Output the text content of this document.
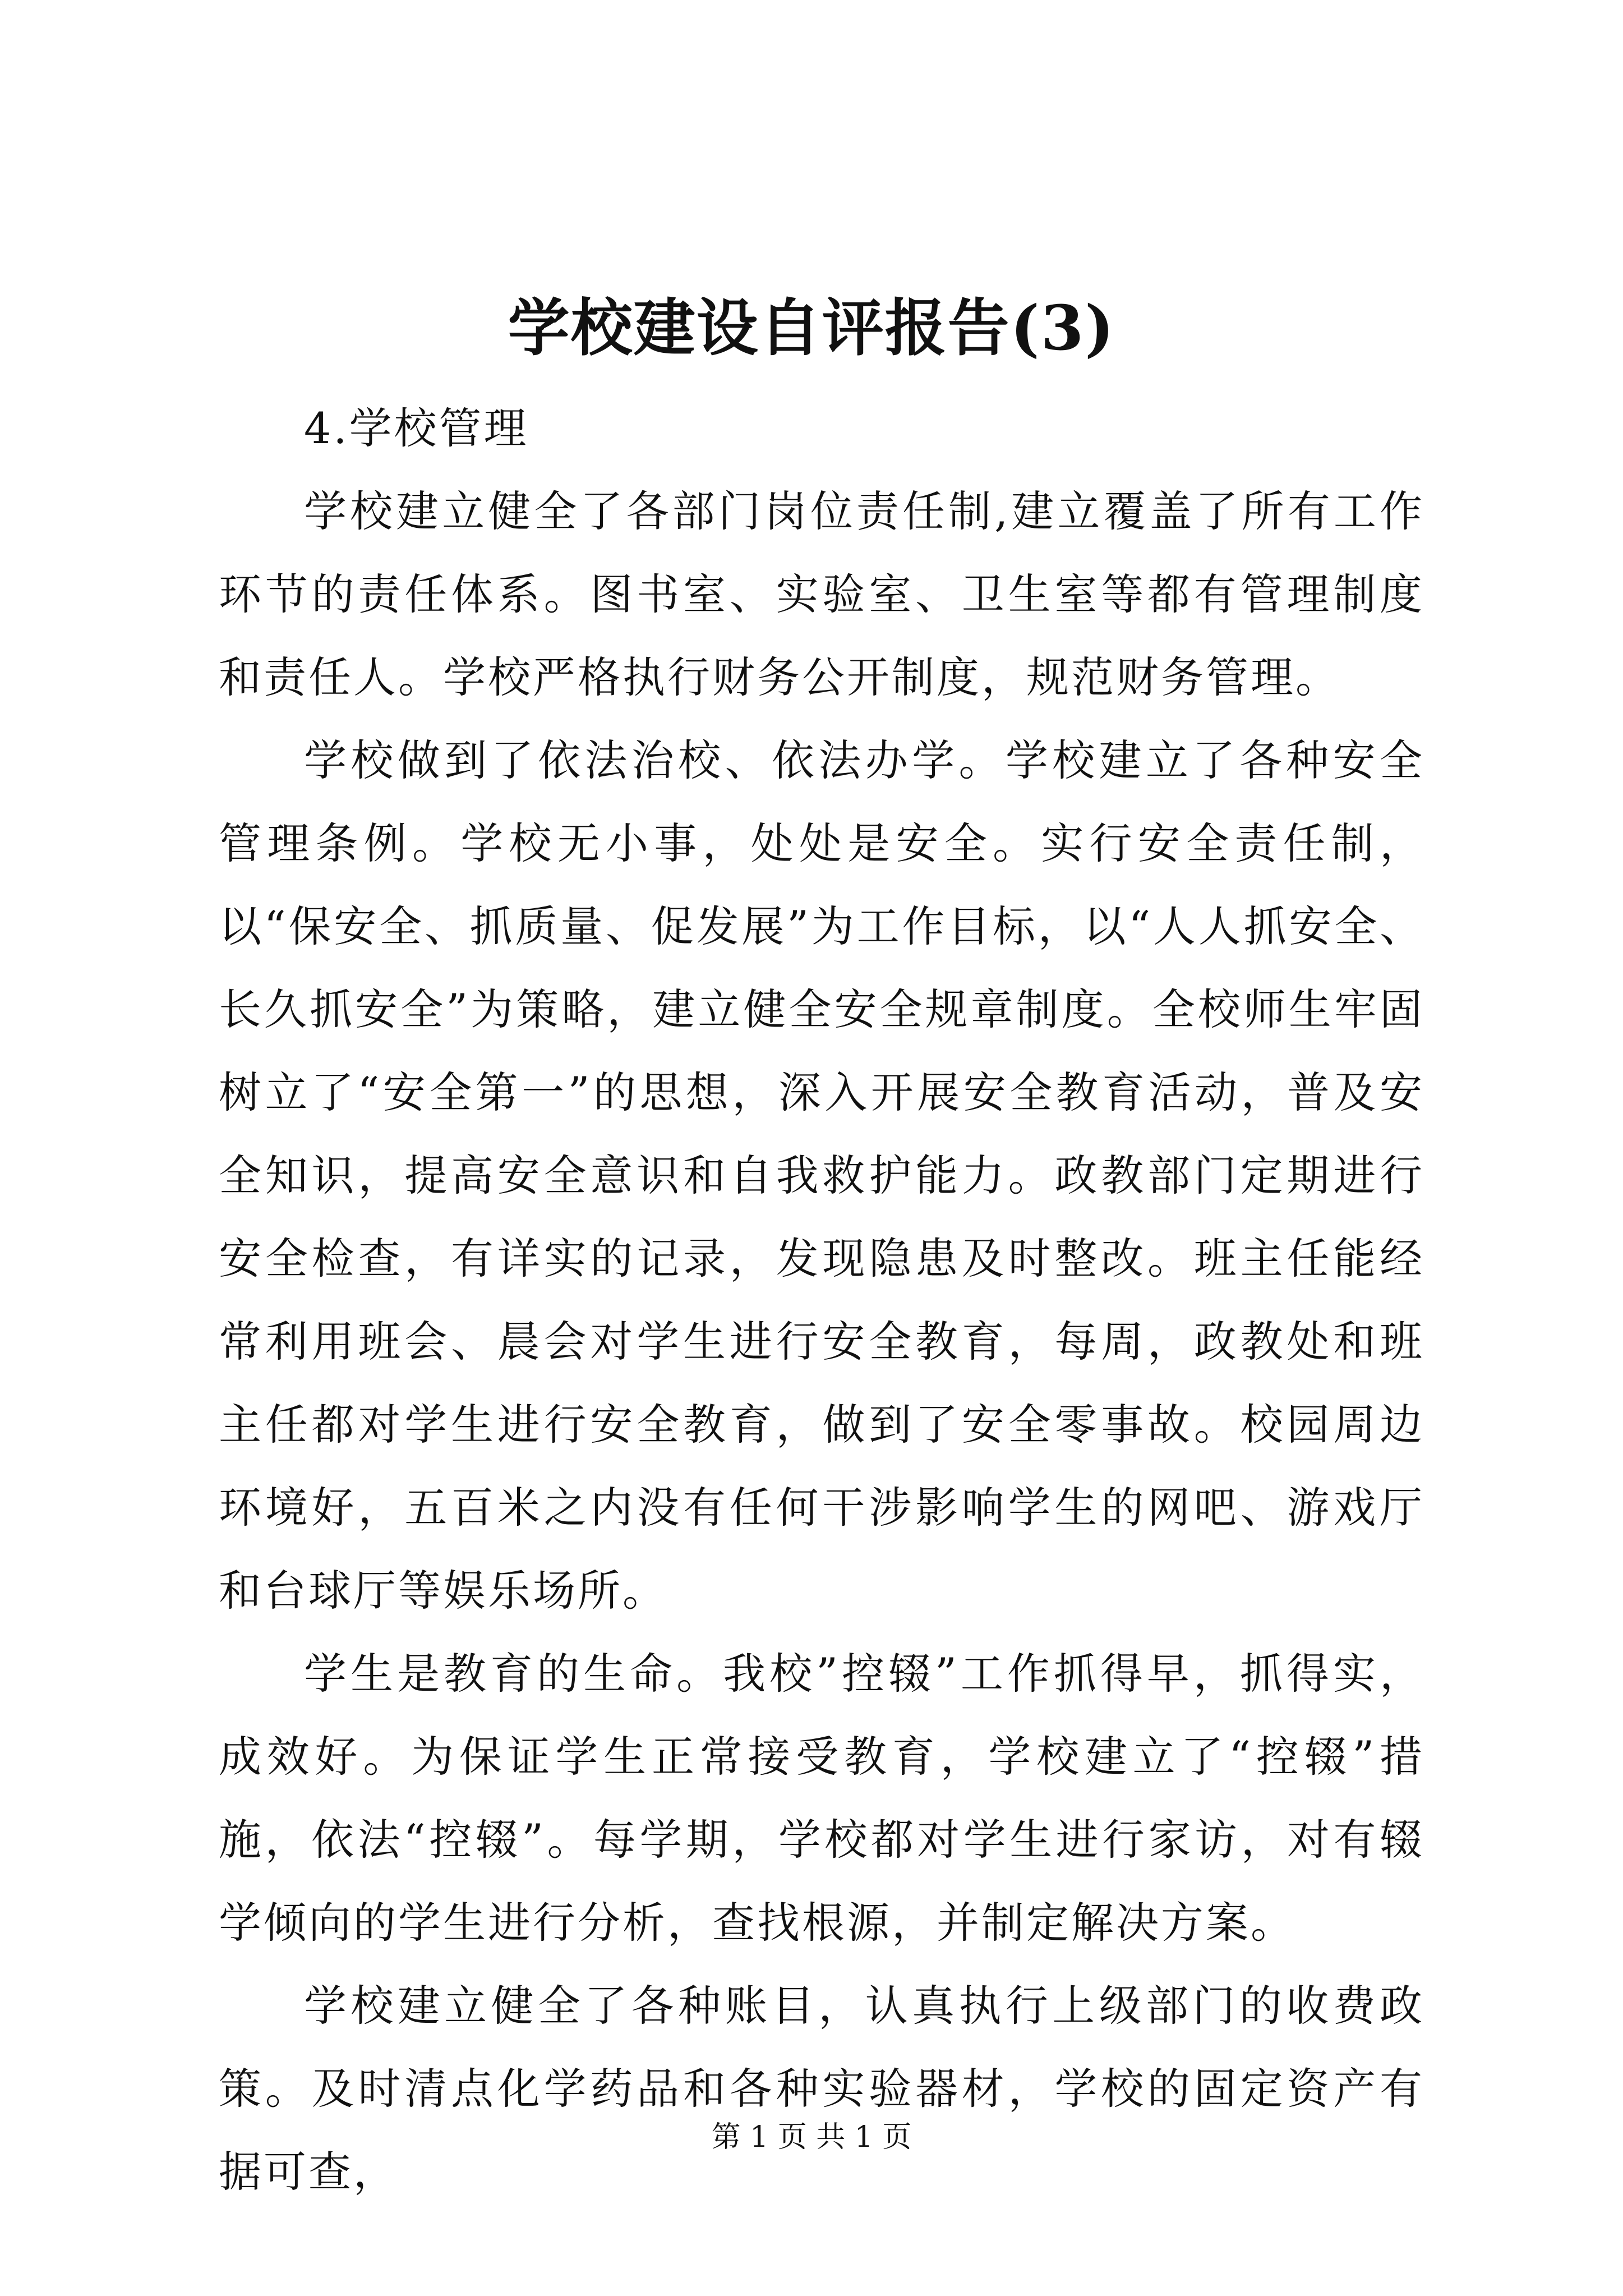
学校建设自评报告(3)

4.学校管理

学校建立健全了各部门岗位责任制,建立覆盖了所有工作环节的责任体系。图书室、实验室、卫生室等都有管理制度和责任人。学校严格执行财务公开制度，规范财务管理。

学校做到了依法治校、依法办学。学校建立了各种安全管理条例。学校无小事，处处是安全。实行安全责任制，以“保安全、抓质量、促发展”为工作目标，以“人人抓安全、长久抓安全”为策略，建立健全安全规章制度。全校师生牢固树立了“安全第一”的思想，深入开展安全教育活动，普及安全知识，提高安全意识和自我救护能力。政教部门定期进行安全检查，有详实的记录，发现隐患及时整改。班主任能经常利用班会、晨会对学生进行安全教育，每周，政教处和班主任都对学生进行安全教育，做到了安全零事故。校园周边环境好，五百米之内没有任何干涉影响学生的网吧、游戏厅和台球厅等娱乐场所。

学生是教育的生命。我校”控辍”工作抓得早，抓得实，成效好。为保证学生正常接受教育，学校建立了“控辍”措施，依法“控辍”。每学期，学校都对学生进行家访，对有辍学倾向的学生进行分析，查找根源，并制定解决方案。

学校建立健全了各种账目，认真执行上级部门的收费政策。及时清点化学药品和各种实验器材，学校的固定资产有据可查，

第 1 页 共 1 页
